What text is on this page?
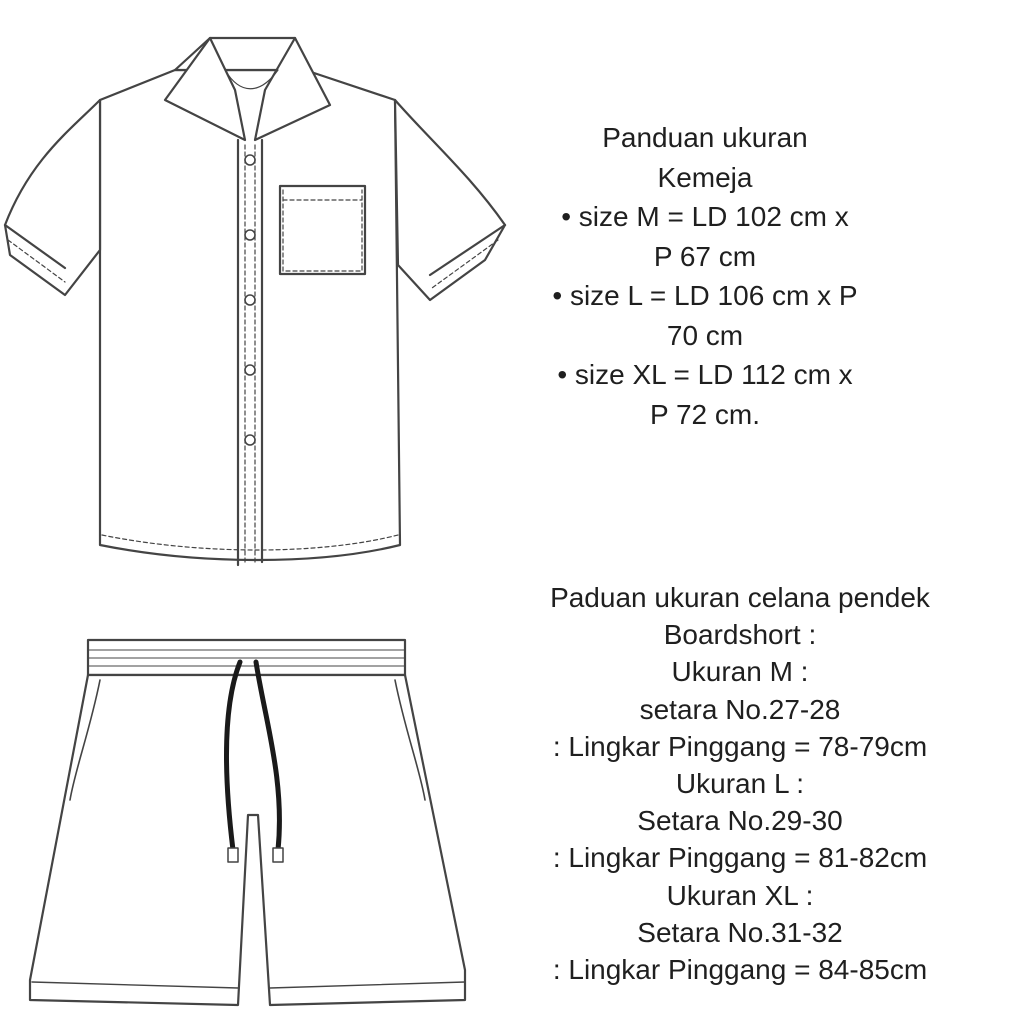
Panduan ukuran
Kemeja
• size M = LD 102 cm x
P 67 cm
• size L = LD 106 cm x P
70 cm
• size XL = LD 112 cm x
P 72 cm.
Paduan ukuran celana pendek
Boardshort :
Ukuran M :
setara No.27-28
: Lingkar Pinggang = 78-79cm
Ukuran L :
Setara No.29-30
: Lingkar Pinggang = 81-82cm
Ukuran XL :
Setara No.31-32
: Lingkar Pinggang = 84-85cm
